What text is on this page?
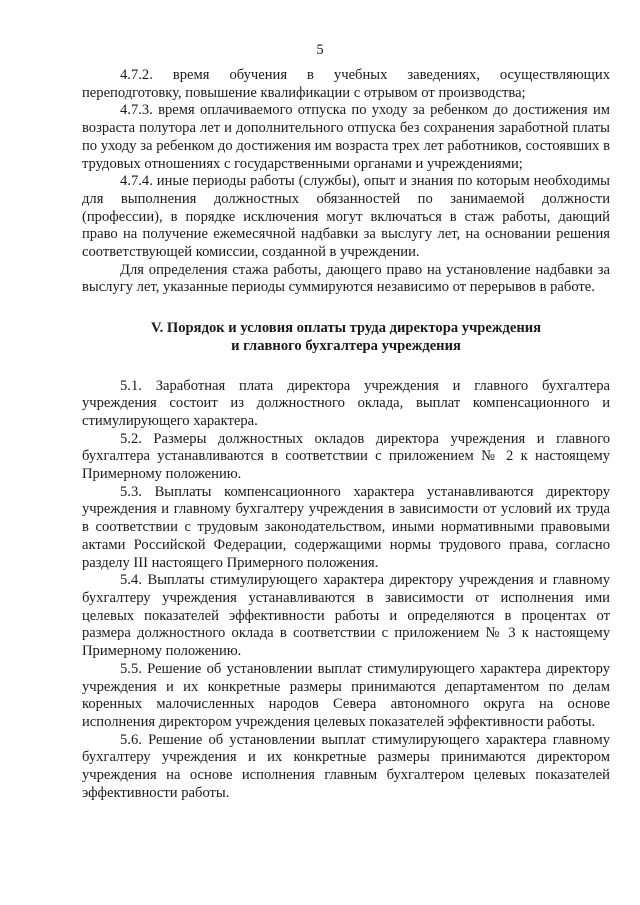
5

4.7.2. время обучения в учебных заведениях, осуществляющих переподготовку, повышение квалификации с отрывом от производства;

4.7.3. время оплачиваемого отпуска по уходу за ребенком до достижения им возраста полутора лет и дополнительного отпуска без сохранения заработной платы по уходу за ребенком до достижения им возраста трех лет работников, состоявших в трудовых отношениях с государственными органами и учреждениями;

4.7.4. иные периоды работы (службы), опыт и знания по которым необходимы для выполнения должностных обязанностей по занимаемой должности (профессии), в порядке исключения могут включаться в стаж работы, дающий право на получение ежемесячной надбавки за выслугу лет, на основании решения соответствующей комиссии, созданной в учреждении.

Для определения стажа работы, дающего право на установление надбавки за выслугу лет, указанные периоды суммируются независимо от перерывов в работе.

V. Порядок и условия оплаты труда директора учреждения
и главного бухгалтера учреждения

5.1. Заработная плата директора учреждения и главного бухгалтера учреждения состоит из должностного оклада, выплат компенсационного и стимулирующего характера.

5.2. Размеры должностных окладов директора учреждения и главного бухгалтера устанавливаются в соответствии с приложением № 2 к настоящему Примерному положению.

5.3. Выплаты компенсационного характера устанавливаются директору учреждения и главному бухгалтеру учреждения в зависимости от условий их труда в соответствии с трудовым законодательством, иными нормативными правовыми актами Российской Федерации, содержащими нормы трудового права, согласно разделу III настоящего Примерного положения.

5.4. Выплаты стимулирующего характера директору учреждения и главному бухгалтеру учреждения устанавливаются в зависимости от исполнения ими целевых показателей эффективности работы и определяются в процентах от размера должностного оклада в соответствии с приложением № 3 к настоящему Примерному положению.

5.5. Решение об установлении выплат стимулирующего характера директору учреждения и их конкретные размеры принимаются департаментом по делам коренных малочисленных народов Севера автономного округа на основе исполнения директором учреждения целевых показателей эффективности работы.

5.6. Решение об установлении выплат стимулирующего характера главному бухгалтеру учреждения и их конкретные размеры принимаются директором учреждения на основе исполнения главным бухгалтером целевых показателей эффективности работы.
